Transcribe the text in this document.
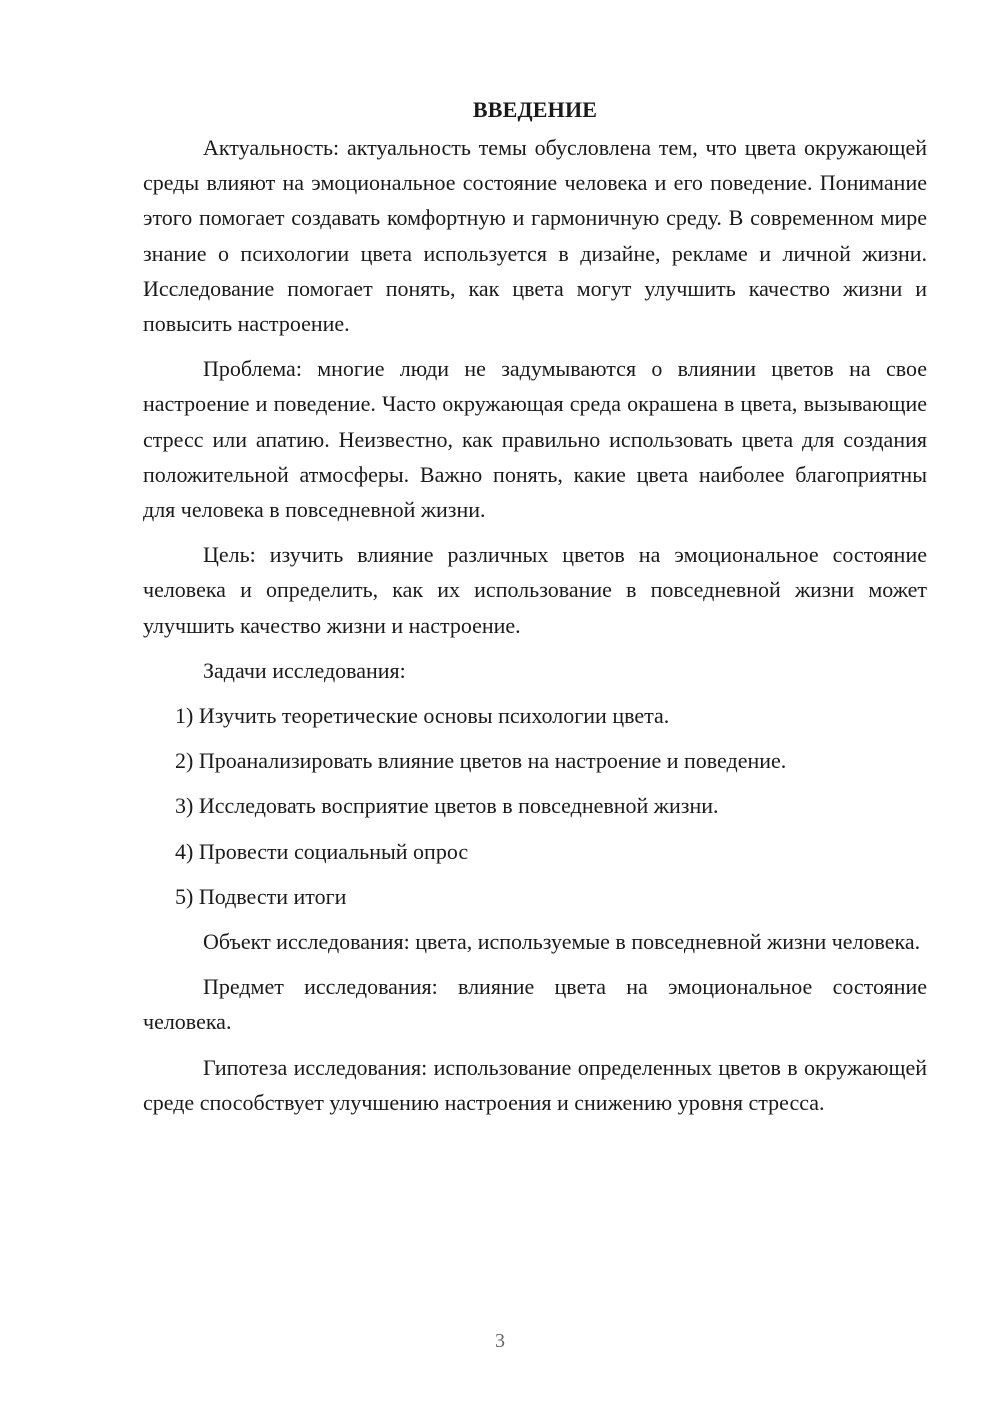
ВВЕДЕНИЕ

Актуальность: актуальность темы обусловлена тем, что цвета окружающей среды влияют на эмоциональное состояние человека и его поведение. Понимание этого помогает создавать комфортную и гармоничную среду. В современном мире знание о психологии цвета используется в дизайне, рекламе и личной жизни. Исследование помогает понять, как цвета могут улучшить качество жизни и повысить настроение.

Проблема: многие люди не задумываются о влиянии цветов на свое настроение и поведение. Часто окружающая среда окрашена в цвета, вызывающие стресс или апатию. Неизвестно, как правильно использовать цвета для создания положительной атмосферы. Важно понять, какие цвета наиболее благоприятны для человека в повседневной жизни.

Цель: изучить влияние различных цветов на эмоциональное состояние человека и определить, как их использование в повседневной жизни может улучшить качество жизни и настроение.

Задачи исследования:

1) Изучить теоретические основы психологии цвета.
2) Проанализировать влияние цветов на настроение и поведение.
3) Исследовать восприятие цветов в повседневной жизни.
4) Провести социальный опрос
5) Подвести итоги

Объект исследования: цвета, используемые в повседневной жизни человека.

Предмет исследования: влияние цвета на эмоциональное состояние человека.

Гипотеза исследования: использование определенных цветов в окружающей среде способствует улучшению настроения и снижению уровня стресса.

3
